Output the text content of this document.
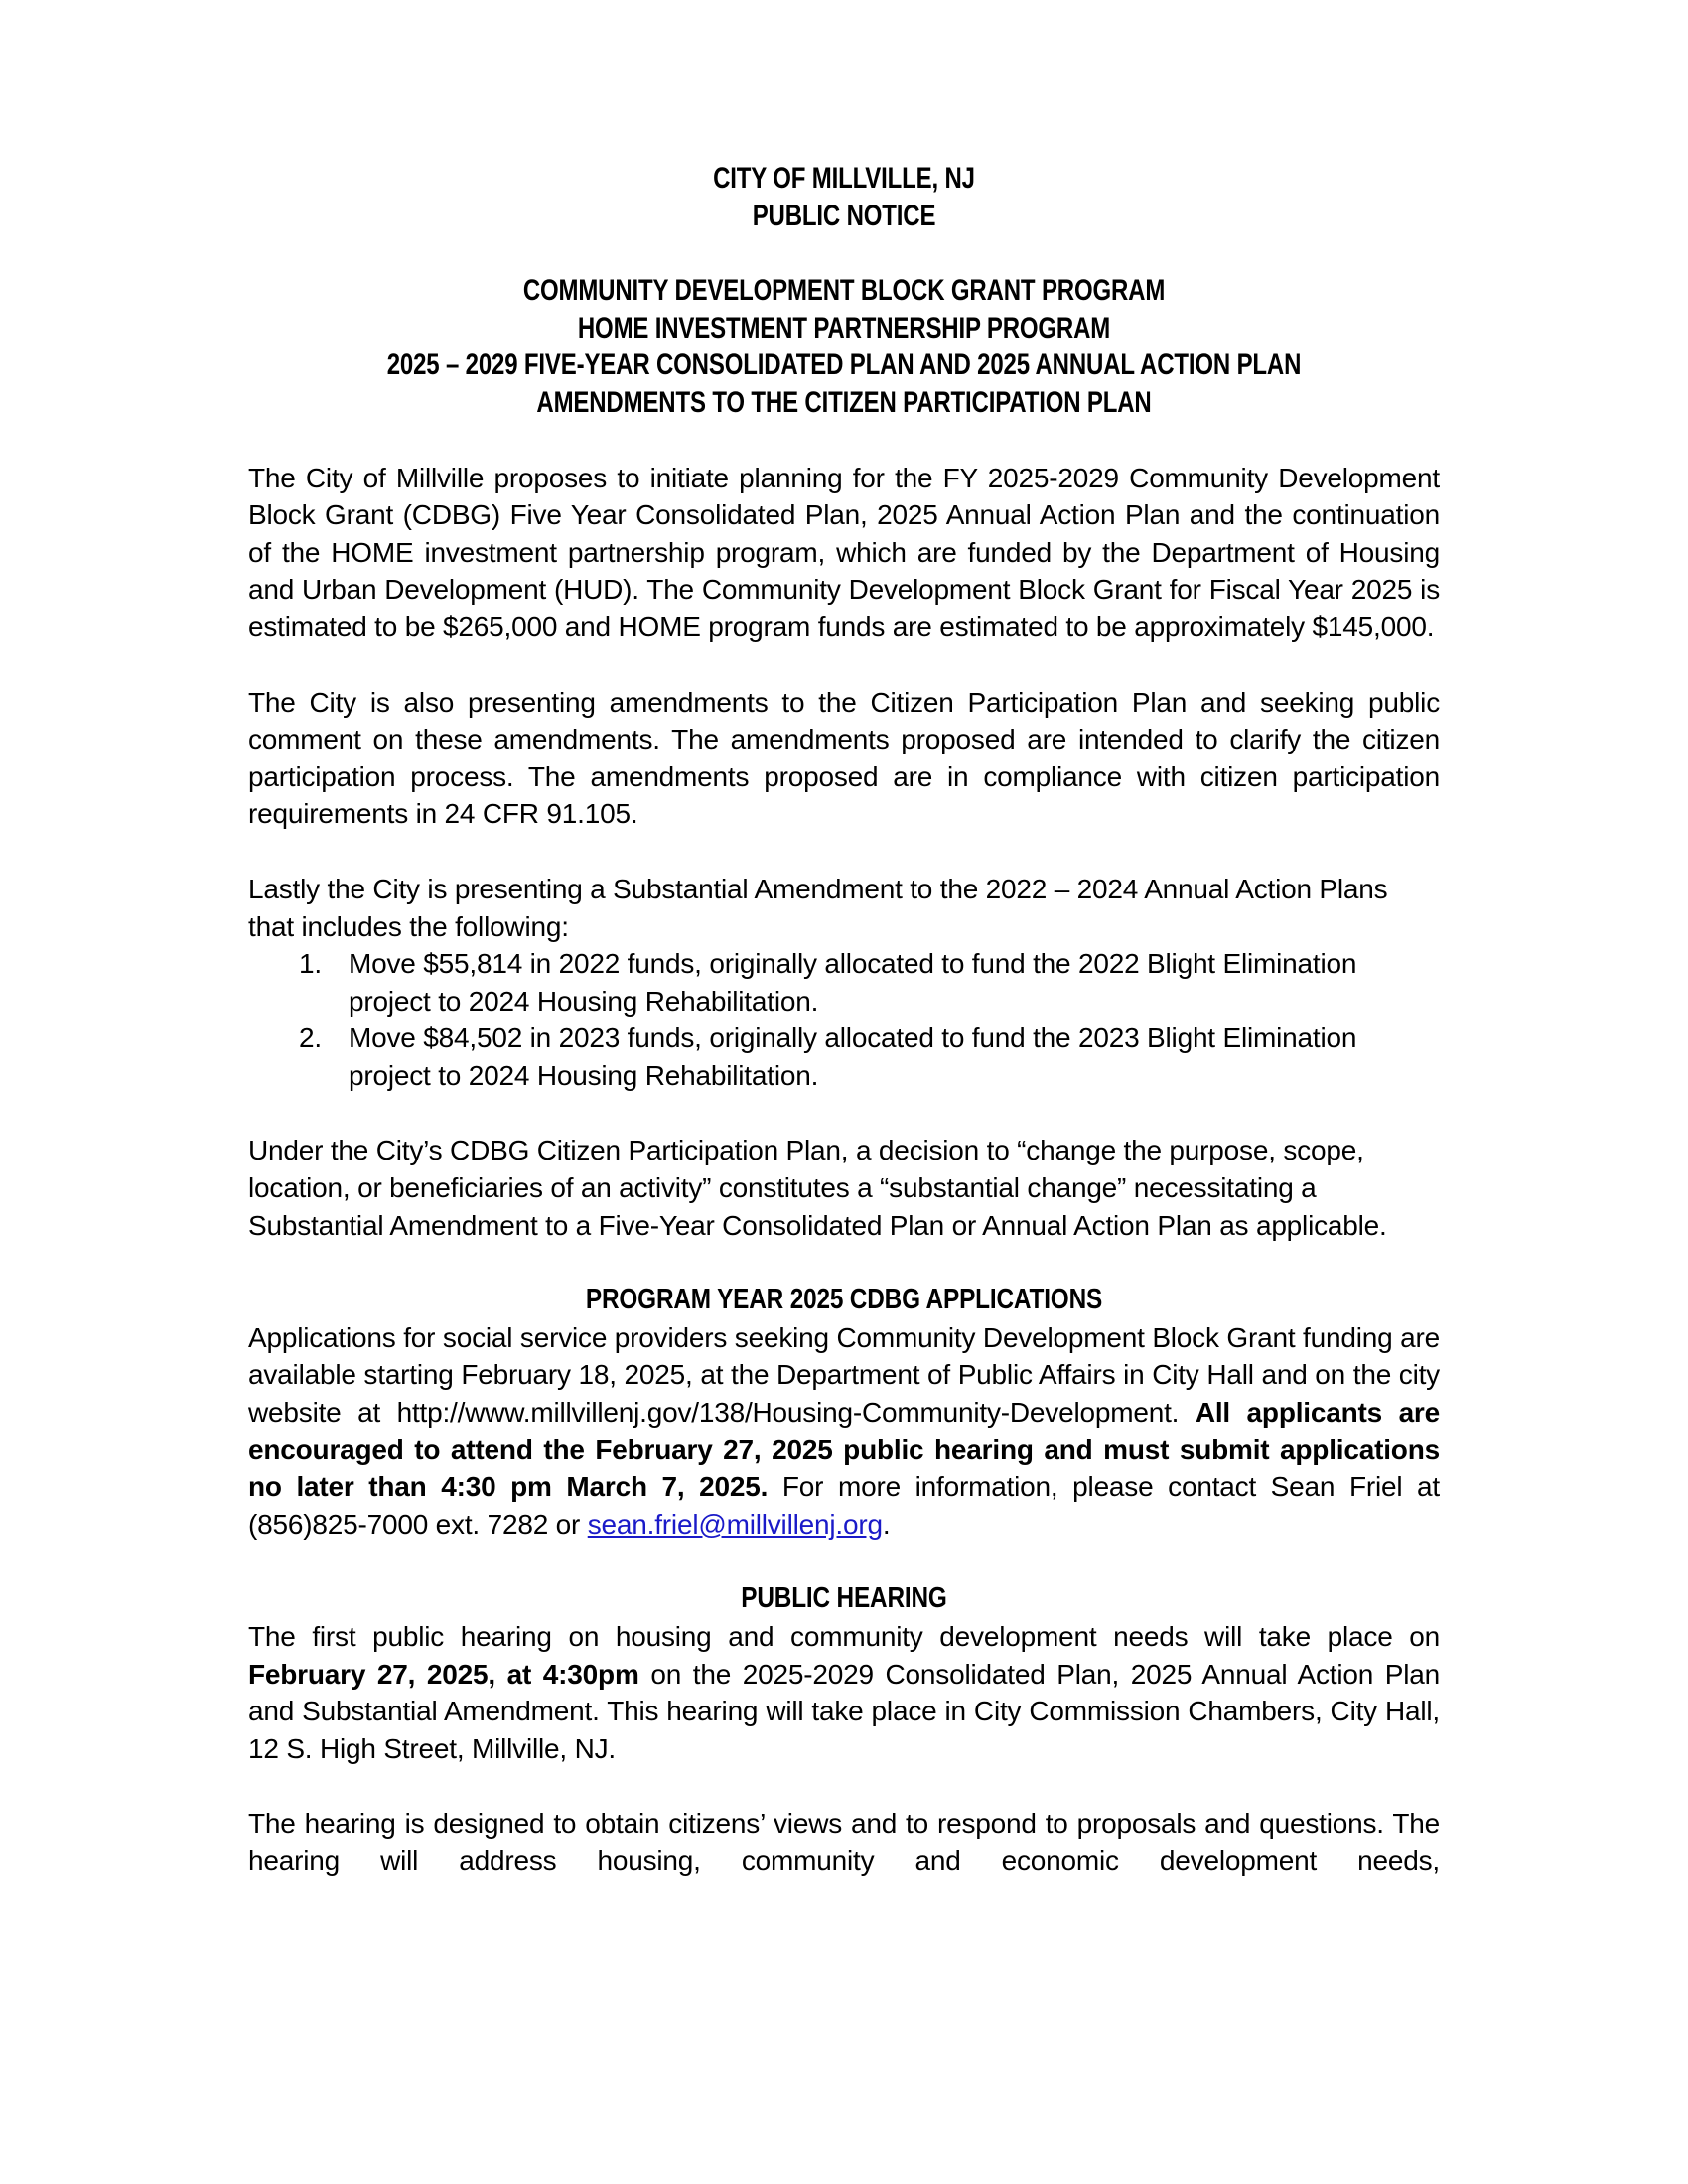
CITY OF MILLVILLE, NJ
PUBLIC NOTICE
COMMUNITY DEVELOPMENT BLOCK GRANT PROGRAM
HOME INVESTMENT PARTNERSHIP PROGRAM
2025 – 2029 FIVE-YEAR CONSOLIDATED PLAN AND 2025 ANNUAL ACTION PLAN
AMENDMENTS TO THE CITIZEN PARTICIPATION PLAN

The City of Millville proposes to initiate planning for the FY 2025-2029 Community Development Block Grant (CDBG) Five Year Consolidated Plan, 2025 Annual Action Plan and the continuation of the HOME investment partnership program, which are funded by the Department of Housing and Urban Development (HUD). The Community Development Block Grant for Fiscal Year 2025 is estimated to be $265,000 and HOME program funds are estimated to be approximately $145,000.

The City is also presenting amendments to the Citizen Participation Plan and seeking public comment on these amendments. The amendments proposed are intended to clarify the citizen participation process. The amendments proposed are in compliance with citizen participation requirements in 24 CFR 91.105.

Lastly the City is presenting a Substantial Amendment to the 2022 – 2024 Annual Action Plans that includes the following:

1. Move $55,814 in 2022 funds, originally allocated to fund the 2022 Blight Elimination project to 2024 Housing Rehabilitation.
2. Move $84,502 in 2023 funds, originally allocated to fund the 2023 Blight Elimination project to 2024 Housing Rehabilitation.

Under the City’s CDBG Citizen Participation Plan, a decision to “change the purpose, scope, location, or beneficiaries of an activity” constitutes a “substantial change” necessitating a Substantial Amendment to a Five-Year Consolidated Plan or Annual Action Plan as applicable.

PROGRAM YEAR 2025 CDBG APPLICATIONS

Applications for social service providers seeking Community Development Block Grant funding are available starting February 18, 2025, at the Department of Public Affairs in City Hall and on the city website at http://www.millvillenj.gov/138/Housing-Community-Development. All applicants are encouraged to attend the February 27, 2025 public hearing and must submit applications no later than 4:30 pm March 7, 2025. For more information, please contact Sean Friel at (856)825-7000 ext. 7282 or sean.friel@millvillenj.org.

PUBLIC HEARING

The first public hearing on housing and community development needs will take place on February 27, 2025, at 4:30pm on the 2025-2029 Consolidated Plan, 2025 Annual Action Plan and Substantial Amendment. This hearing will take place in City Commission Chambers, City Hall, 12 S. High Street, Millville, NJ.

The hearing is designed to obtain citizens’ views and to respond to proposals and questions. The hearing will address housing, community and economic development needs,
